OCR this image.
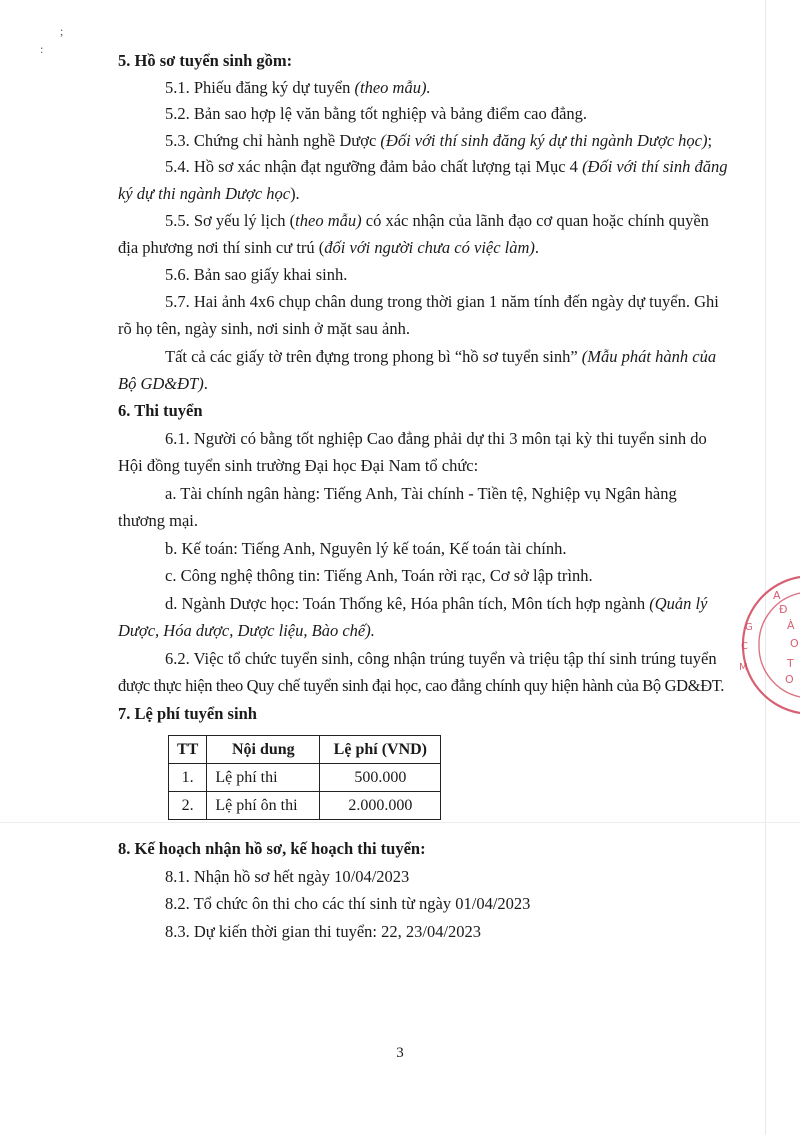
;
:
5. Hồ sơ tuyển sinh gồm:
5.1. Phiếu đăng ký dự tuyển (theo mẫu).
5.2. Bản sao hợp lệ văn bằng tốt nghiệp và bảng điểm cao đẳng.
5.3. Chứng chỉ hành nghề Dược (Đối với thí sinh đăng ký dự thi ngành Dược học);
5.4. Hồ sơ xác nhận đạt ngưỡng đảm bảo chất lượng tại Mục 4 (Đối với thí sinh đăng
ký dự thi ngành Dược học).
5.5. Sơ yếu lý lịch (theo mẫu) có xác nhận của lãnh đạo cơ quan hoặc chính quyền
địa phương nơi thí sinh cư trú (đối với người chưa có việc làm).
5.6. Bản sao giấy khai sinh.
5.7. Hai ảnh 4x6 chụp chân dung trong thời gian 1 năm tính đến ngày dự tuyển. Ghi
rõ họ tên, ngày sinh, nơi sinh ở mặt sau ảnh.
Tất cả các giấy tờ trên đựng trong phong bì “hồ sơ tuyển sinh” (Mẫu phát hành của
Bộ GD&ĐT).
6. Thi tuyển
6.1. Người có bằng tốt nghiệp Cao đẳng phải dự thi 3 môn tại kỳ thi tuyển sinh do
Hội đồng tuyển sinh trường Đại học Đại Nam tổ chức:
a. Tài chính ngân hàng: Tiếng Anh, Tài chính - Tiền tệ, Nghiệp vụ Ngân hàng
thương mại.
b. Kế toán: Tiếng Anh, Nguyên lý kế toán, Kế toán tài chính.
c. Công nghệ thông tin: Tiếng Anh, Toán rời rạc, Cơ sở lập trình.
d. Ngành Dược học: Toán Thống kê, Hóa phân tích, Môn tích hợp ngành (Quản lý
Dược, Hóa dược, Dược liệu, Bào chế).
6.2. Việc tổ chức tuyển sinh, công nhận trúng tuyển và triệu tập thí sinh trúng tuyển
được thực hiện theo Quy chế tuyển sinh đại học, cao đẳng chính quy hiện hành của Bộ GD&ĐT.
7. Lệ phí tuyển sinh
TT	Nội dung	Lệ phí (VND)
1.	Lệ phí thi	500.000
2.	Lệ phí ôn thi	2.000.000
8. Kế hoạch nhận hồ sơ, kế hoạch thi tuyển:
8.1. Nhận hồ sơ hết ngày 10/04/2023
8.2. Tổ chức ôn thi cho các thí sinh từ ngày 01/04/2023
8.3. Dự kiến thời gian thi tuyển: 22, 23/04/2023
A
Đ
À
O
T
O
G
C
M
3
